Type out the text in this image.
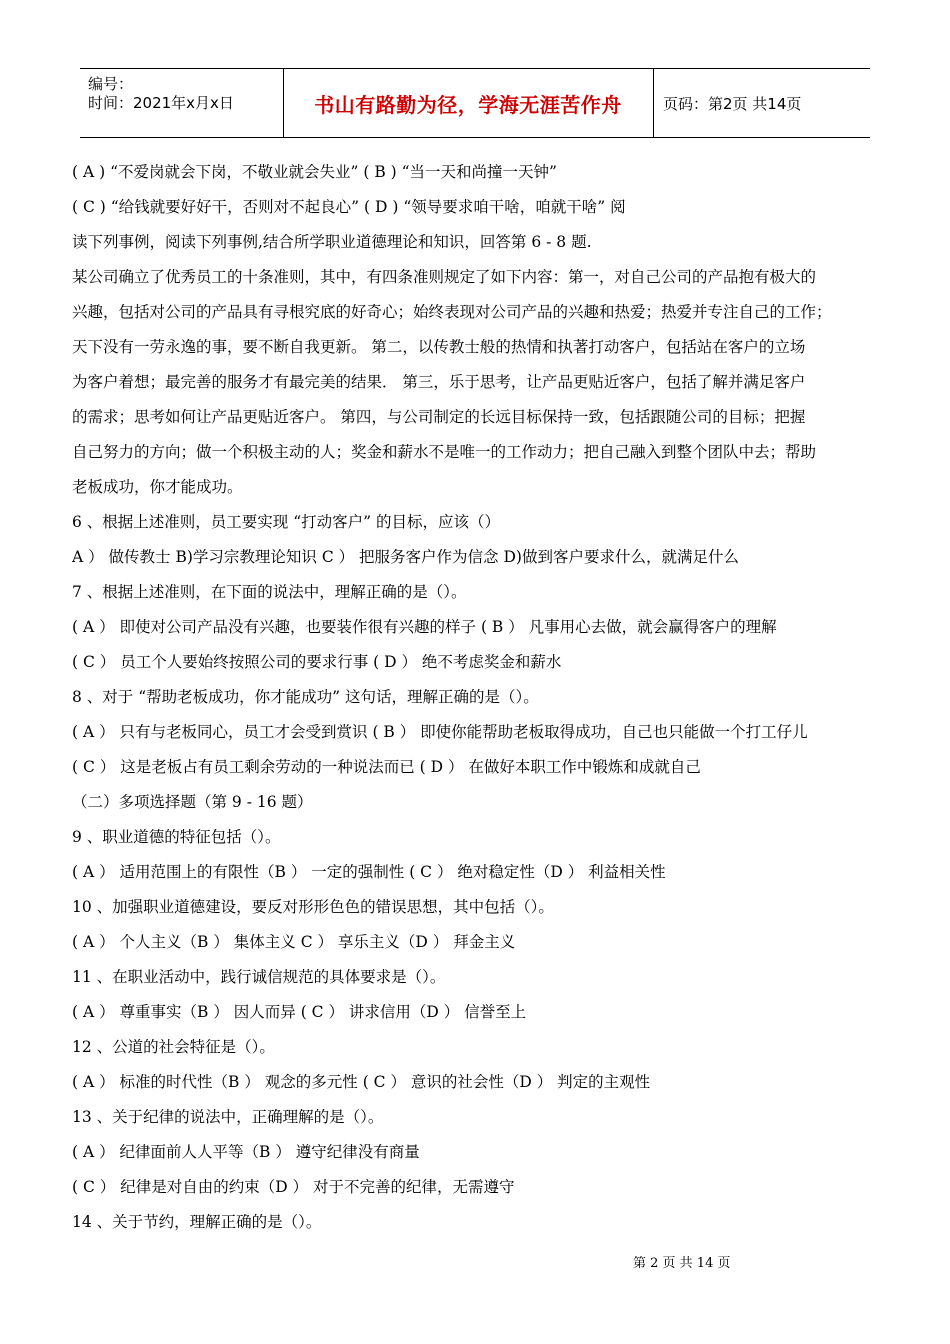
编号：
时间：2021年x月x日	书山有路勤为径，学海无涯苦作舟	页码：第2页 共14页
( A ) “不爱岗就会下岗，不敬业就会失业” ( B ) “当一天和尚撞一天钟”
( C ) “给钱就要好好干，否则对不起良心” ( D ) “领导要求咱干啥，咱就干啥” 阅
读下列事例，阅读下列事例,结合所学职业道德理论和知识，回答第 6 - 8 题.
某公司确立了优秀员工的十条准则，其中，有四条准则规定了如下内容：第一，对自己公司的产品抱有极大的
兴趣，包括对公司的产品具有寻根究底的好奇心；始终表现对公司产品的兴趣和热爱；热爱并专注自己的工作；
天下没有一劳永逸的事，要不断自我更新。 第二，以传教士般的热情和执著打动客户，包括站在客户的立场
为客户着想；最完善的服务才有最完美的结果． 第三，乐于思考，让产品更贴近客户，包括了解并满足客户
的需求；思考如何让产品更贴近客户。 第四，与公司制定的长远目标保持一致，包括跟随公司的目标；把握
自己努力的方向；做一个积极主动的人；奖金和薪水不是唯一的工作动力；把自己融入到整个团队中去；帮助
老板成功，你才能成功。
6 、根据上述准则，员工要实现 “打动客户” 的目标，应该（）
A ） 做传教士 B)学习宗教理论知识 C ） 把服务客户作为信念 D)做到客户要求什么，就满足什么
7 、根据上述准则，在下面的说法中，理解正确的是（）。
( A ） 即使对公司产品没有兴趣，也要装作很有兴趣的样子 ( B ） 凡事用心去做，就会赢得客户的理解
( C ） 员工个人要始终按照公司的要求行事 ( D ） 绝不考虑奖金和薪水
8 、对于 “帮助老板成功，你才能成功” 这句话，理解正确的是（）。
( A ） 只有与老板同心，员工才会受到赏识 ( B ） 即使你能帮助老板取得成功，自己也只能做一个打工仔儿
( C ） 这是老板占有员工剩余劳动的一种说法而已 ( D ） 在做好本职工作中锻炼和成就自己
（二）多项选择题（第 9 - 16 题）
9 、职业道德的特征包括（）。
( A ） 适用范围上的有限性（B ） 一定的强制性 ( C ） 绝对稳定性（D ） 利益相关性
10 、加强职业道德建设，要反对形形色色的错误思想，其中包括（）。
( A ） 个人主义（B ） 集体主义 C ） 享乐主义（D ） 拜金主义
11 、在职业活动中，践行诚信规范的具体要求是（）。
( A ） 尊重事实（B ） 因人而异 ( C ） 讲求信用（D ） 信誉至上
12 、公道的社会特征是（）。
( A ） 标准的时代性（B ） 观念的多元性 ( C ） 意识的社会性（D ） 判定的主观性
13 、关于纪律的说法中，正确理解的是（）。
( A ） 纪律面前人人平等（B ） 遵守纪律没有商量
( C ） 纪律是对自由的约束（D ） 对于不完善的纪律，无需遵守
14 、关于节约，理解正确的是（）。
第 2 页 共 14 页
